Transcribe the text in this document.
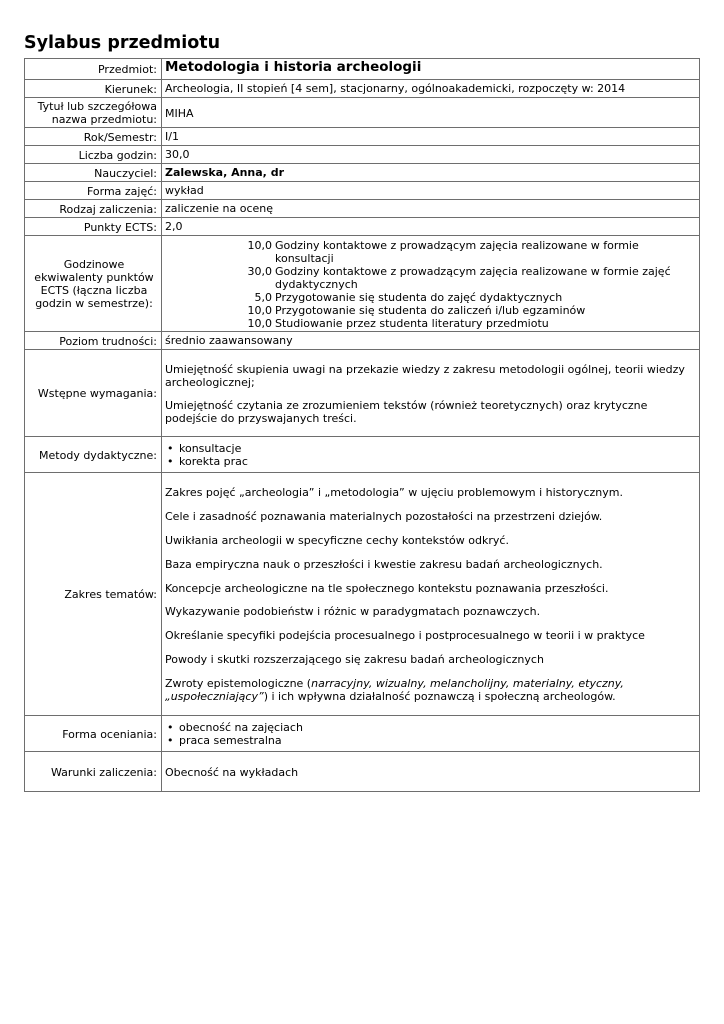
Sylabus przedmiotu
Przedmiot:	Metodologia i historia archeologii
Kierunek:	Archeologia, II stopień [4 sem], stacjonarny, ogólnoakademicki, rozpoczęty w: 2014
Tytuł lub szczegółowa nazwa przedmiotu:	MIHA
Rok/Semestr:	I/1
Liczba godzin:	30,0
Nauczyciel:	Zalewska, Anna, dr
Forma zajęć:	wykład
Rodzaj zaliczenia:	zaliczenie na ocenę
Punkty ECTS:	2,0
Godzinowe ekwiwalenty punktów ECTS (łączna liczba godzin w semestrze):	
10,0	Godziny kontaktowe z prowadzącym zajęcia realizowane w formie konsultacji
30,0	Godziny kontaktowe z prowadzącym zajęcia realizowane w formie zajęć dydaktycznych
5,0	Przygotowanie się studenta do zajęć dydaktycznych
10,0	Przygotowanie się studenta do zaliczeń i/lub egzaminów
10,0	Studiowanie przez studenta literatury przedmiotu

Poziom trudności:	średnio zaawansowany
Wstępne wymagania:	

Umiejętność skupienia uwagi na przekazie wiedzy z zakresu metodologii ogólnej, teorii wiedzy archeologicznej;

Umiejętność czytania ze zrozumieniem tekstów (również teoretycznych) oraz krytyczne podejście do przyswajanych treści.

Metody dydaktyczne:	
•konsultacje
• korekta prac

Zakres tematów:	

Zakres pojęć „archeologia” i „metodologia” w ujęciu problemowym i historycznym.

Cele i zasadność poznawania materialnych pozostałości na przestrzeni dziejów.

Uwikłania archeologii w specyficzne cechy kontekstów odkryć.

Baza empiryczna nauk o przeszłości i kwestie zakresu badań archeologicznych.

Koncepcje archeologiczne na tle społecznego kontekstu poznawania przeszłości.

Wykazywanie podobieństw i różnic w paradygmatach poznawczych.

Określanie specyfiki podejścia procesualnego i postprocesualnego w teorii i w praktyce

Powody i skutki rozszerzającego się zakresu badań archeologicznych

Zwroty epistemologiczne (narracyjny, wizualny, melancholijny, materialny, etyczny, „uspołeczniający”) i ich wpływna działalność poznawczą i społeczną archeologów.

Forma oceniania:	
•obecność na zajęciach
• praca semestralna

Warunki zaliczenia:	Obecność na wykładach
